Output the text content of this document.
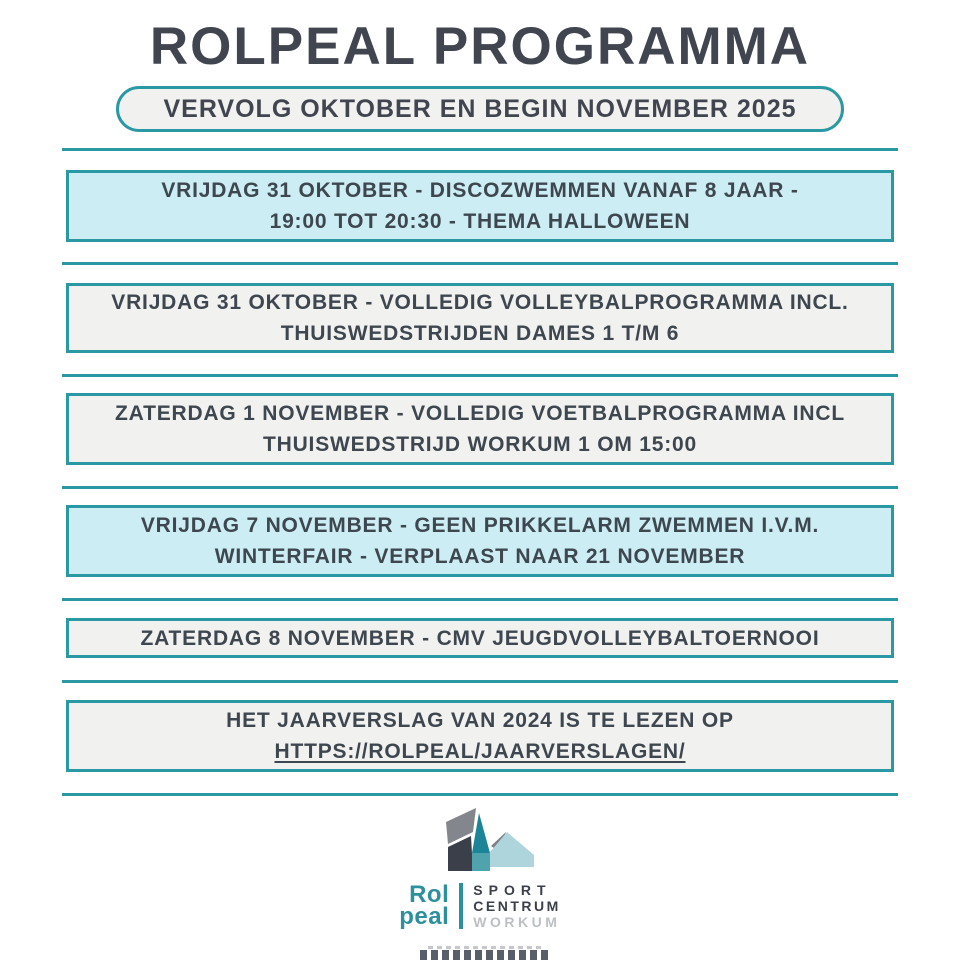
ROLPEAL PROGRAMMA
VERVOLG OKTOBER EN BEGIN NOVEMBER 2025
VRIJDAG 31 OKTOBER - DISCOZWEMMEN VANAF 8 JAAR -
19:00 TOT 20:30 - THEMA HALLOWEEN
VRIJDAG 31 OKTOBER - VOLLEDIG VOLLEYBALPROGRAMMA INCL.
THUISWEDSTRIJDEN DAMES 1 T/M 6
ZATERDAG 1 NOVEMBER - VOLLEDIG VOETBALPROGRAMMA INCL
THUISWEDSTRIJD WORKUM 1 OM 15:00
VRIJDAG 7 NOVEMBER - GEEN PRIKKELARM ZWEMMEN I.V.M.
WINTERFAIR - VERPLAAST NAAR 21 NOVEMBER
ZATERDAG 8 NOVEMBER - CMV JEUGDVOLLEYBALTOERNOOI
HET JAARVERSLAG VAN 2024 IS TE LEZEN OP
HTTPS://ROLPEAL/JAARVERSLAGEN/
Rol
peal
SPORT
CENTRUM
WORKUM
